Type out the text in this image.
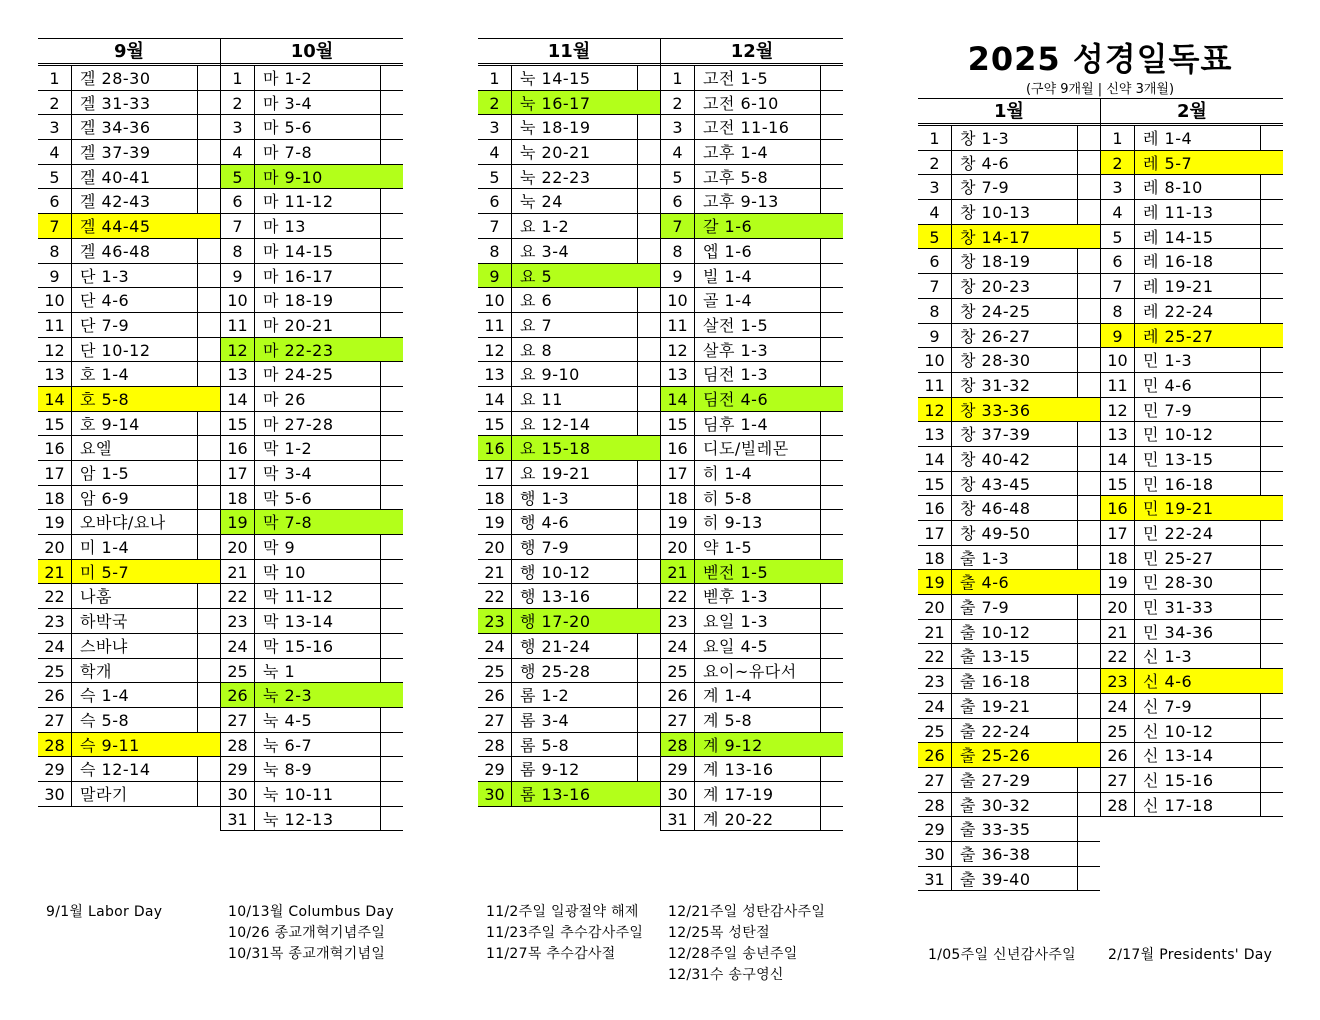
2025 성경일독표
(구약 9개월 | 신약 3개월)
9월
1	겔 28-30
2	겔 31-33
3	겔 34-36
4	겔 37-39
5	겔 40-41
6	겔 42-43
7	겔 44-45
8	겔 46-48
9	단 1-3
10 단 4-6
11 단 7-9
12 단 10-12
13 호 1-4
14 호 5-8
15 호 9-14
16 요엘
17 암 1-5
18 암 6-9
19 오바댜/요나
20 미 1-4
21 미 5-7
22 나훔
23 하박국
24 스바냐
25 학개
26 슥 1-4
27 슥 5-8
28 슥 9-11
29 슥 12-14
30 말라기
10월
1	마 1-2
2	마 3-4
3	마 5-6
4	마 7-8
5	마 9-10
6	마 11-12
7	마 13
8	마 14-15
9	마 16-17
10 마 18-19
11 마 20-21
12 마 22-23
13 마 24-25
14 마 26
15 마 27-28
16 막 1-2
17 막 3-4
18 막 5-6
19 막 7-8
20 막 9
21 막 10
22 막 11-12
23 막 13-14
24 막 15-16
25 눅 1
26 눅 2-3
27 눅 4-5
28 눅 6-7
29 눅 8-9
30 눅 10-11
31 눅 12-13
11월
1	눅 14-15
2	눅 16-17
3	눅 18-19
4	눅 20-21
5	눅 22-23
6	눅 24
7	요 1-2
8	요 3-4
9	요 5
10 요 6
11 요 7
12 요 8
13 요 9-10
14 요 11
15 요 12-14
16 요 15-18
17 요 19-21
18 행 1-3
19 행 4-6
20 행 7-9
21 행 10-12
22 행 13-16
23 행 17-20
24 행 21-24
25 행 25-28
26 롬 1-2
27 롬 3-4
28 롬 5-8
29 롬 9-12
30 롬 13-16
12월
1	고전 1-5
2	고전 6-10
3	고전 11-16
4	고후 1-4
5	고후 5-8
6	고후 9-13
7	갈 1-6
8	엡 1-6
9	빌 1-4
10 골 1-4
11 살전 1-5
12 살후 1-3
13 딤전 1-3
14 딤전 4-6
15 딤후 1-4
16 디도/빌레몬
17 히 1-4
18 히 5-8
19 히 9-13
20 약 1-5
21 벧전 1-5
22 벧후 1-3
23 요일 1-3
24 요일 4-5
25 요이~유다서
26 계 1-4
27 계 5-8
28 계 9-12
29 계 13-16
30 계 17-19
31 계 20-22
1월
1	창 1-3
2	창 4-6
3	창 7-9
4	창 10-13
5	창 14-17
6	창 18-19
7	창 20-23
8	창 24-25
9	창 26-27
10 창 28-30
11 창 31-32
12 창 33-36
13 창 37-39
14 창 40-42
15 창 43-45
16 창 46-48
17 창 49-50
18 출 1-3
19 출 4-6
20 출 7-9
21 출 10-12
22 출 13-15
23 출 16-18
24 출 19-21
25 출 22-24
26 출 25-26
27 출 27-29
28 출 30-32
29 출 33-35
30 출 36-38
31 출 39-40
2월
1	레 1-4
2	레 5-7
3	레 8-10
4	레 11-13
5	레 14-15
6	레 16-18
7	레 19-21
8	레 22-24
9	레 25-27
10 민 1-3
11 민 4-6
12 민 7-9
13 민 10-12
14 민 13-15
15 민 16-18
16 민 19-21
17 민 22-24
18 민 25-27
19 민 28-30
20 민 31-33
21 민 34-36
22 신 1-3
23 신 4-6
24 신 7-9
25 신 10-12
26 신 13-14
27 신 15-16
28 신 17-18
9/1월 Labor Day	10/13월 Columbus Day
10/26 종교개혁기념주일
10/31목 종교개혁기념일
11/2주일 일광절약 해제
11/23주일 추수감사주일
11/27목 추수감사절
12/21주일 성탄감사주일
12/25목 성탄절
12/28주일 송년주일
12/31수 송구영신
1/05주일 신년감사주일 2/17월 Presidents' Day
